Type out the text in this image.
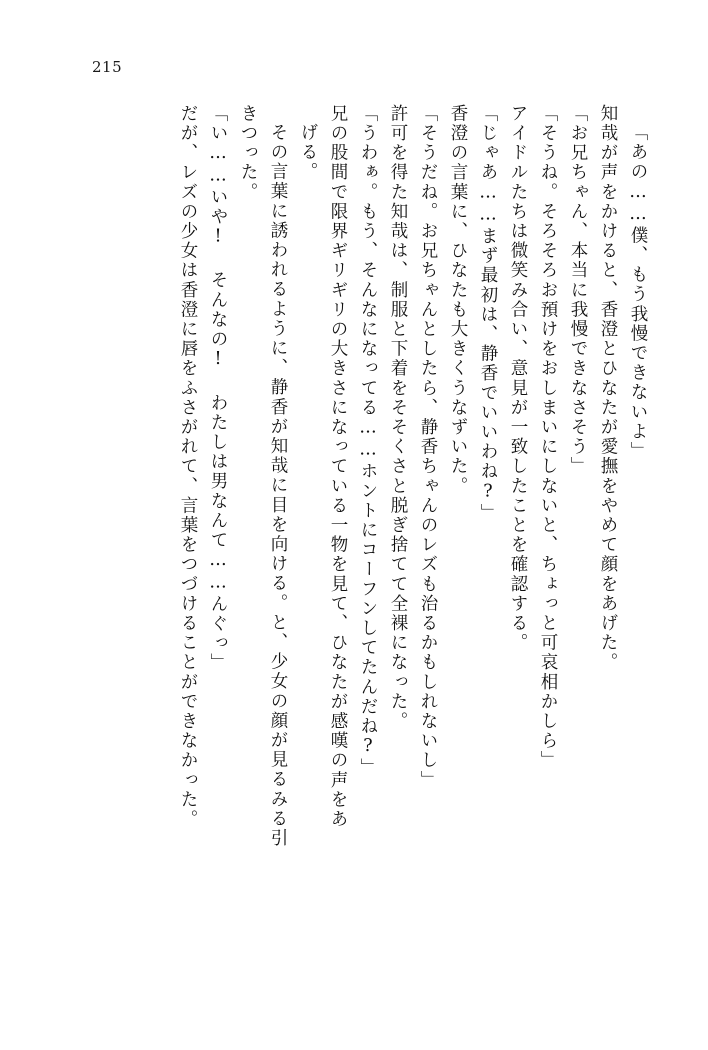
215
「あの……僕、もう我慢できないよ」
知哉が声をかけると、香澄とひなたが愛撫をやめて顔をあげた。
「お兄ちゃん、本当に我慢できなさそう」
「そうね。そろそろお預けをおしまいにしないと、ちょっと可哀相かしら」
アイドルたちは微笑み合い、意見が一致したことを確認する。
「じゃあ……まず最初は、静香でいいわね?」
香澄の言葉に、ひなたも大きくうなずいた。
「そうだね。お兄ちゃんとしたら、静香ちゃんのレズも治るかもしれないし」
許可を得た知哉は、制服と下着をそそくさと脱ぎ捨てて全裸になった。
「うわぁ。もう、そんなになってる……ホントにコーフンしてたんだね?」
兄の股間で限界ギリギリの大きさになっている一物を見て、ひなたが感嘆の声をあ
げる。
その言葉に誘われるように、静香が知哉に目を向ける。と、少女の顔が見るみる引
きつった。
「い……いや! そんなの! わたしは男なんて……んぐっ」
だが、レズの少女は香澄に唇をふさがれて、言葉をつづけることができなかった。
